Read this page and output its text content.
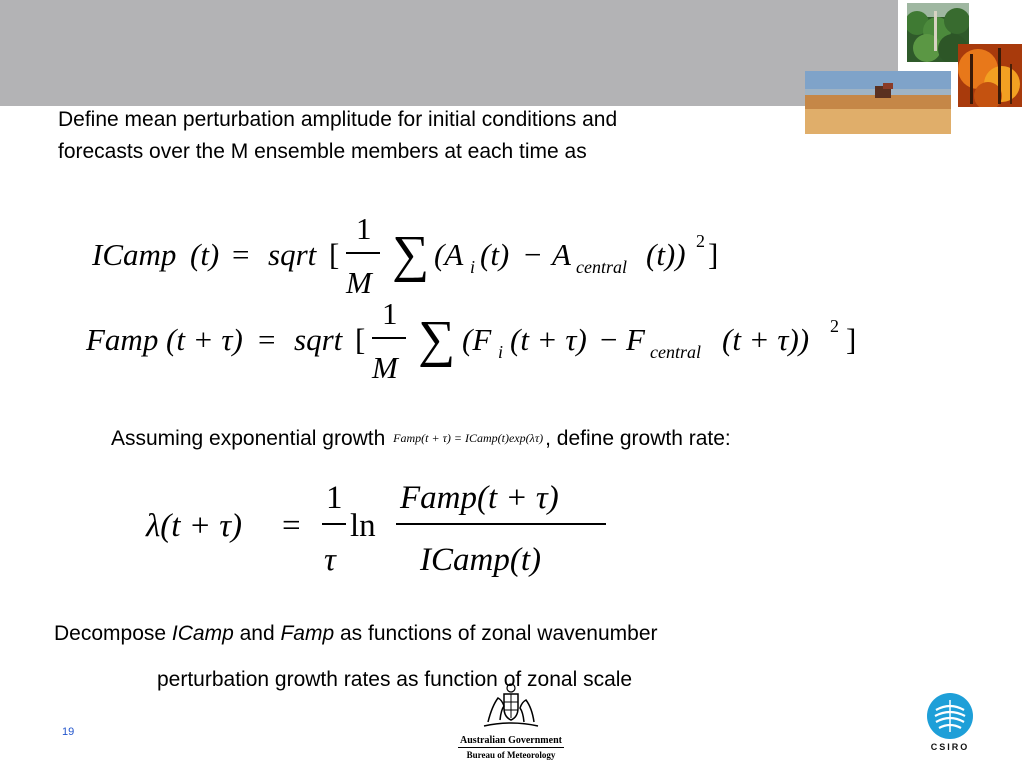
Define mean perturbation amplitude for initial conditions and
forecasts over the M ensemble members at each time as
ICamp (t) = sqrt [
1
M ∑ (A i (t) − A central (t)) 2 ]
Famp (t + τ) = sqrt [
1
M ∑ (F i (t + τ) − F central (t + τ)) 2 ]
Assuming exponential growth Famp(t + τ) = ICamp(t)exp(λτ), define growth rate:
λ(t + τ) =
1
τ
ln
Famp(t + τ)
ICamp(t)
Decompose ICamp and Famp as functions of zonal wavenumber
perturbation growth rates as function of zonal scale
19
Australian Government
Bureau of Meteorology
CSIRO
